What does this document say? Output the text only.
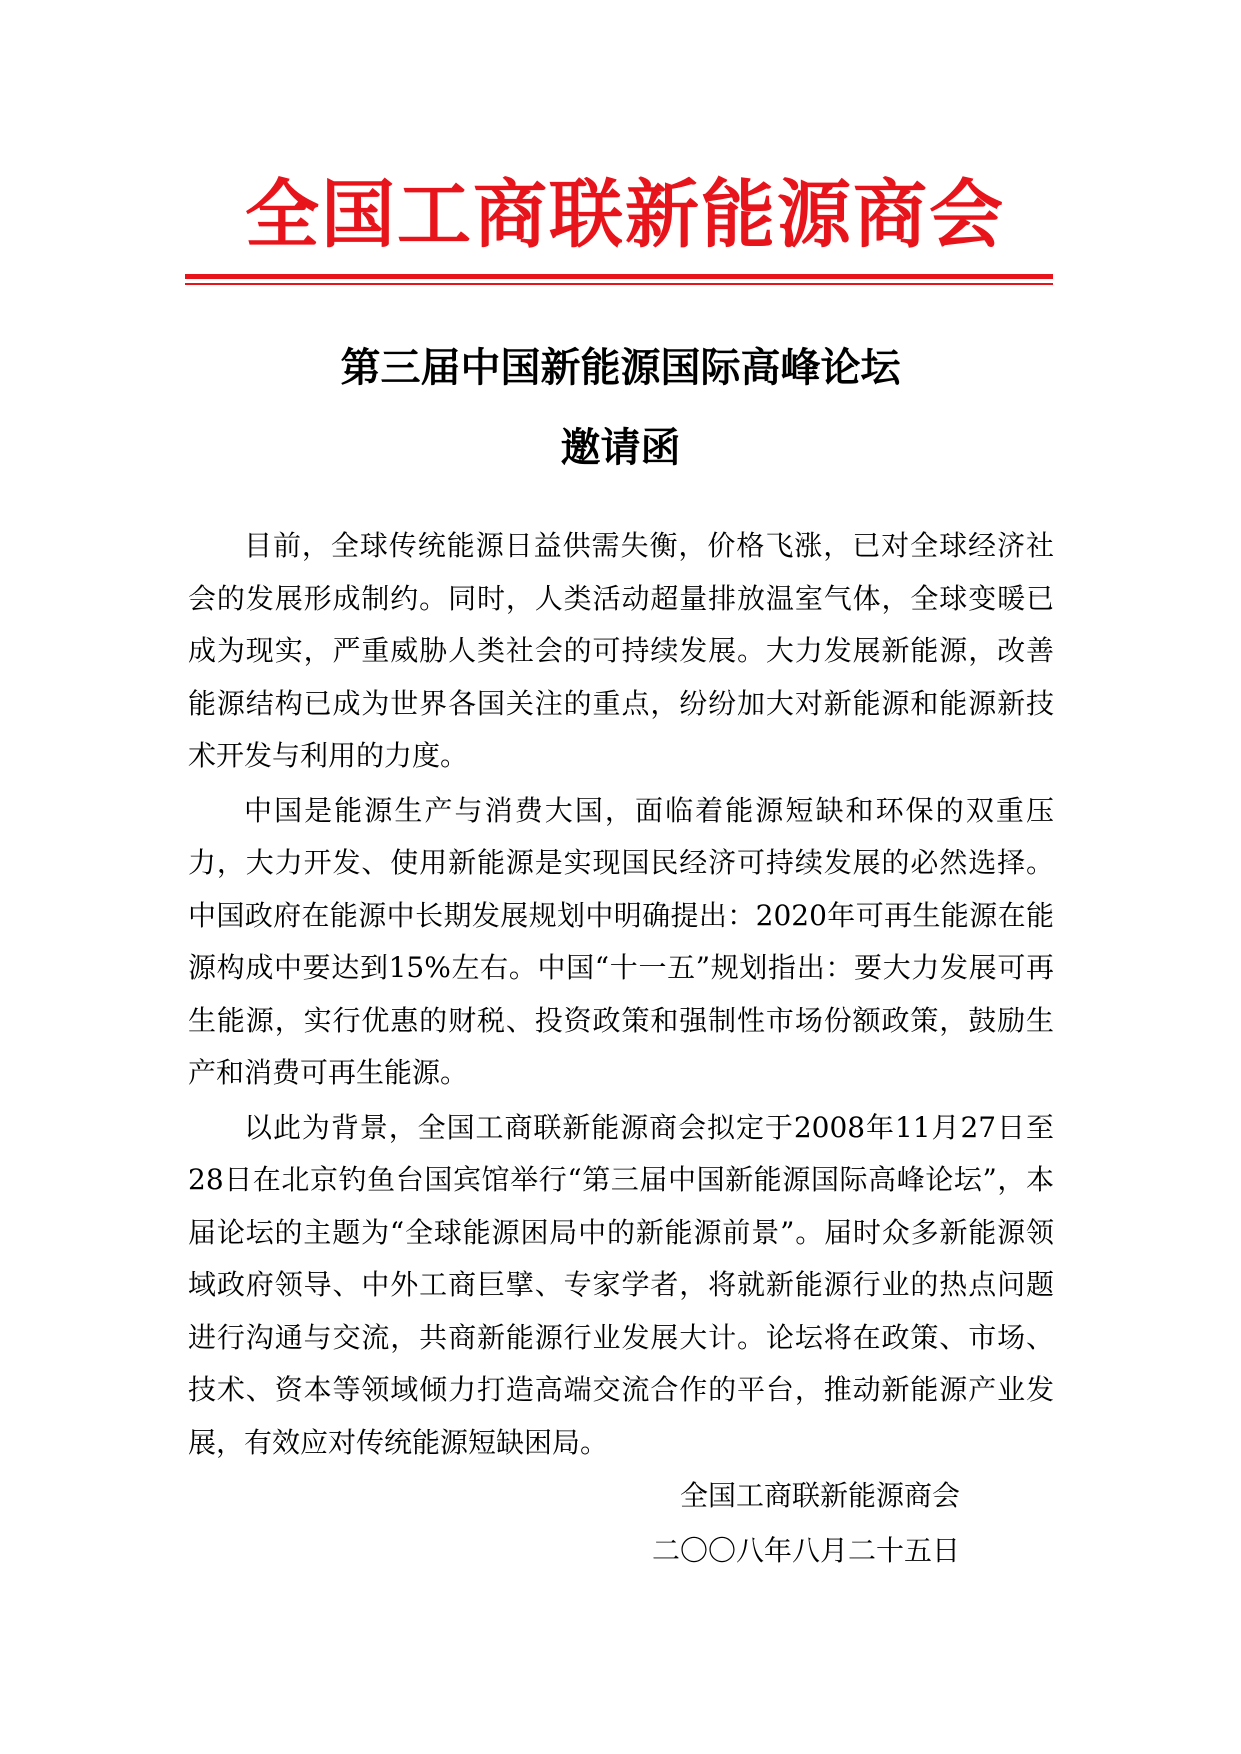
全国工商联新能源商会
第三届中国新能源国际高峰论坛
邀请函

目前，全球传统能源日益供需失衡，价格飞涨，已对全球经济社会的发展形成制约。同时，人类活动超量排放温室气体，全球变暖已成为现实，严重威胁人类社会的可持续发展。大力发展新能源，改善能源结构已成为世界各国关注的重点，纷纷加大对新能源和能源新技术开发与利用的力度。

中国是能源生产与消费大国，面临着能源短缺和环保的双重压力，大力开发、使用新能源是实现国民经济可持续发展的必然选择。中国政府在能源中长期发展规划中明确提出：2020年可再生能源在能源构成中要达到15%左右。中国“十一五”规划指出：要大力发展可再生能源，实行优惠的财税、投资政策和强制性市场份额政策，鼓励生产和消费可再生能源。

以此为背景，全国工商联新能源商会拟定于2008年11月27日至28日在北京钓鱼台国宾馆举行“第三届中国新能源国际高峰论坛”，本届论坛的主题为“全球能源困局中的新能源前景”。届时众多新能源领域政府领导、中外工商巨擘、专家学者，将就新能源行业的热点问题进行沟通与交流，共商新能源行业发展大计。论坛将在政策、市场、技术、资本等领域倾力打造高端交流合作的平台，推动新能源产业发展，有效应对传统能源短缺困局。

全国工商联新能源商会
二〇〇八年八月二十五日
